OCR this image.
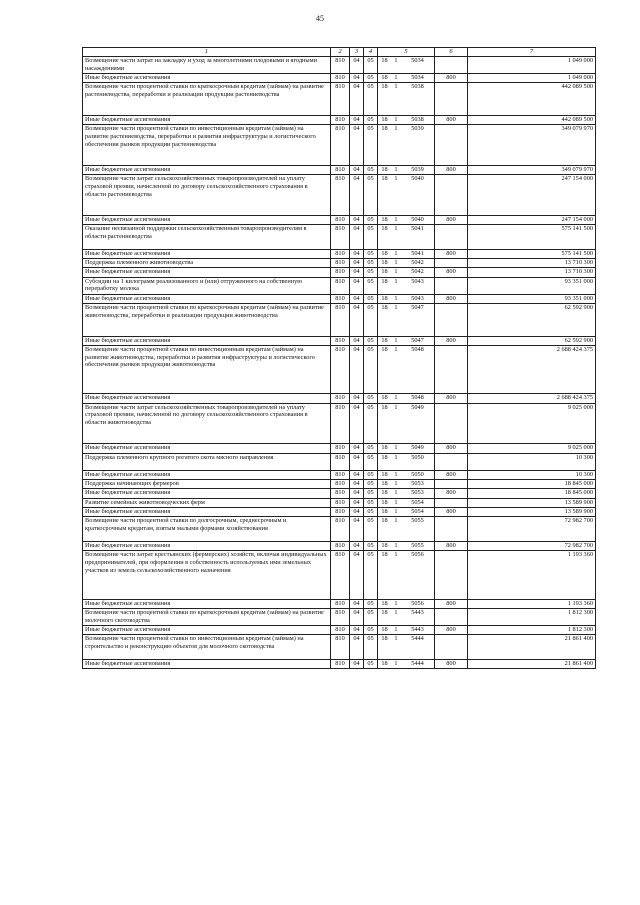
45
1	2	3	4	5			6	7
Возмещение части затрат на закладку и уход за многолетними плодовыми и ягодными насаждениями	810	04	05	18	1	5034		1 049 000
Иные бюджетные ассигнования	810	04	05	18	1	5034	800	1 049 000
Возмещение части процентной ставки по краткосрочным кредитам (займам) на развитие растениеводства, переработки и реализации продукции растениеводства	810	04	05	18	1	5038		442 089 500
Иные бюджетные ассигнования	810	04	05	18	1	5038	800	442 089 500
Возмещение части процентной ставки по инвестиционным кредитам (займам) на развитие растениеводства, переработки и развития инфраструктуры и логистического обеспечения рынков продукции растениеводства	810	04	05	18	1	5039		349 079 970
Иные бюджетные ассигнования	810	04	05	18	1	5039	800	349 079 970
Возмещение части затрат сельскохозяйственных товаропроизводителей на уплату страховой премии, начисленной по договору сельскохозяйственного страхования в области растениеводства	810	04	05	18	1	5040		247 154 000
Иные бюджетные ассигнования	810	04	05	18	1	5040	800	247 154 000
Оказание несвязанной поддержки сельскохозяйственным товаропроизводителям в области растениеводства	810	04	05	18	1	5041		575 141 500
Иные бюджетные ассигнования	810	04	05	18	1	5041	800	575 141 500
Поддержка племенного животноводства	810	04	05	18	1	5042		13 710 300
Иные бюджетные ассигнования	810	04	05	18	1	5042	800	13 710 300
Субсидии на 1 килограмм реализованного и (или) отгруженного на собственную переработку молока	810	04	05	18	1	5043		93 351 000
Иные бюджетные ассигнования	810	04	05	18	1	5043	800	93 351 000
Возмещение части процентной ставки по краткосрочным кредитам (займам) на развитие животноводства, переработки и реализации продукции животноводства	810	04	05	18	1	5047		62 592 900
Иные бюджетные ассигнования	810	04	05	18	1	5047	800	62 592 900
Возмещение части процентной ставки по инвестиционным кредитам (займам) на развитие животноводства, переработки и развития инфраструктуры и логистического обеспечения рынков продукции животноводства	810	04	05	18	1	5048		2 688 424 375
Иные бюджетные ассигнования	810	04	05	18	1	5048	800	2 688 424 375
Возмещение части затрат сельскохозяйственных товаропроизводителей на уплату страховой премии, начисленной по договору сельскохозяйственного страхования в области животноводства	810	04	05	18	1	5049		9 025 000
Иные бюджетные ассигнования	810	04	05	18	1	5049	800	9 025 000
Поддержка племенного крупного рогатого скота мясного направления	810	04	05	18	1	5050		10 300
Иные бюджетные ассигнования	810	04	05	18	1	5050	800	10 300
Поддержка начинающих фермеров	810	04	05	18	1	5053		18 845 000
Иные бюджетные ассигнования	810	04	05	18	1	5053	800	18 845 000
Развитие семейных животноводческих ферм	810	04	05	18	1	5054		13 589 900
Иные бюджетные ассигнования	810	04	05	18	1	5054	800	13 589 900
Возмещение части процентной ставки по долгосрочным, среднесрочным и краткосрочным кредитам, взятым малыми формами хозяйствования	810	04	05	18	1	5055		72 982 700
Иные бюджетные ассигнования	810	04	05	18	1	5055	800	72 982 700
Возмещение части затрат крестьянских (фермерских) хозяйств, включая индивидуальных предпринимателей, при оформлении в собственность используемых ими земельных участков из земель сельскохозяйственного назначения	810	04	05	18	1	5056		1 193 360
Иные бюджетные ассигнования	810	04	05	18	1	5056	800	1 193 360
Возмещение части процентной ставки по краткосрочным кредитам (займам) на развитие молочного скотоводства	810	04	05	18	1	5443		1 812 300
Иные бюджетные ассигнования	810	04	05	18	1	5443	800	1 812 300
Возмещение части процентной ставки по инвестиционным кредитам (займам) на строительство и реконструкцию объектов для молочного скотоводства	810	04	05	18	1	5444		21 861 400
Иные бюджетные ассигнования	810	04	05	18	1	5444	800	21 861 400
